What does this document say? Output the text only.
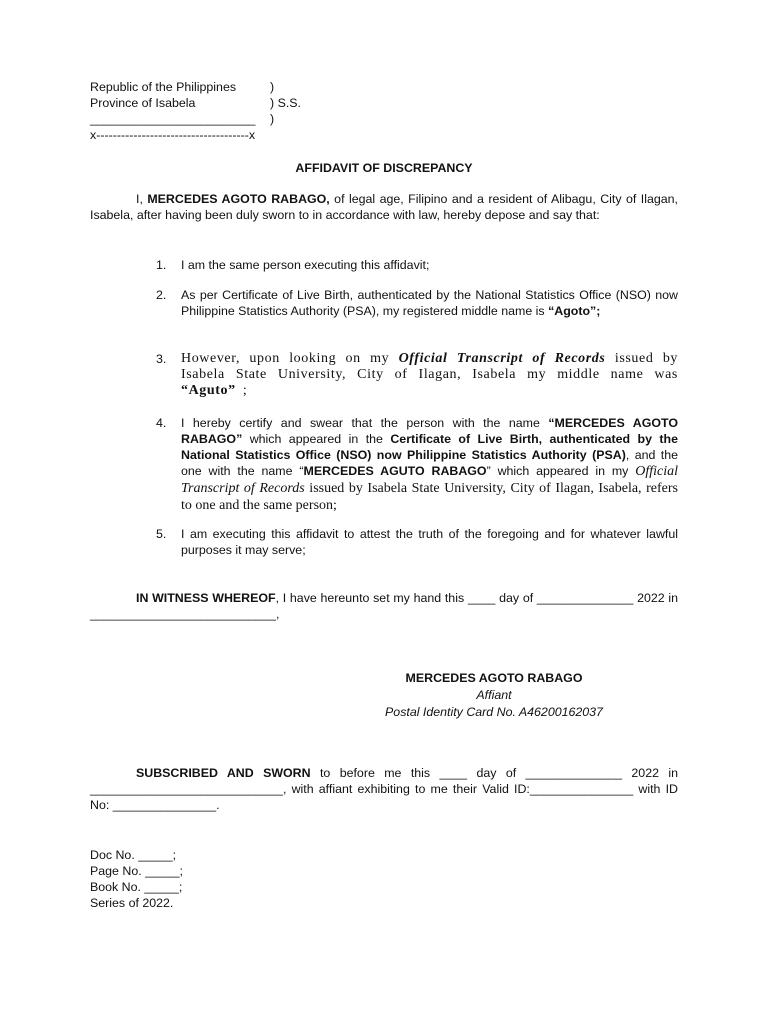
Republic of the Philippines	)
Province of Isabela	) S.S.
________________________ )
x-------------------------------------x
AFFIDAVIT OF DISCREPANCY
I, MERCEDES AGOTO RABAGO, of legal age, Filipino and a resident of Alibagu, City of Ilagan, Isabela, after having been duly sworn to in accordance with law, hereby depose and say that:
1.	I am the same person executing this affidavit;
2.	As per Certificate of Live Birth, authenticated by the National Statistics Office (NSO) now Philippine Statistics Authority (PSA), my registered middle name is “Agoto”;
3.	However, upon looking on my Official Transcript of Records issued by Isabela State University, City of Ilagan, Isabela my middle name was “Aguto” ;
4.	I hereby certify and swear that the person with the name “MERCEDES AGOTO RABAGO” which appeared in the Certificate of Live Birth, authenticated by the National Statistics Office (NSO) now Philippine Statistics Authority (PSA), and the one with the name “MERCEDES AGUTO RABAGO” which appeared in my Official Transcript of Records issued by Isabela State University, City of Ilagan, Isabela, refers to one and the same person;
5.	I am executing this affidavit to attest the truth of the foregoing and for whatever lawful purposes it may serve;
IN WITNESS WHEREOF, I have hereunto set my hand this ____ day of ______________ 2022 in ___________________________,
MERCEDES AGOTO RABAGO
Affiant
Postal Identity Card No. A46200162037
SUBSCRIBED AND SWORN to before me this ____ day of ______________ 2022 in ____________________________, with affiant exhibiting to me their Valid ID:_______________ with ID No: _______________.
Doc No. _____;
Page No. _____;
Book No. _____;
Series of 2022.
